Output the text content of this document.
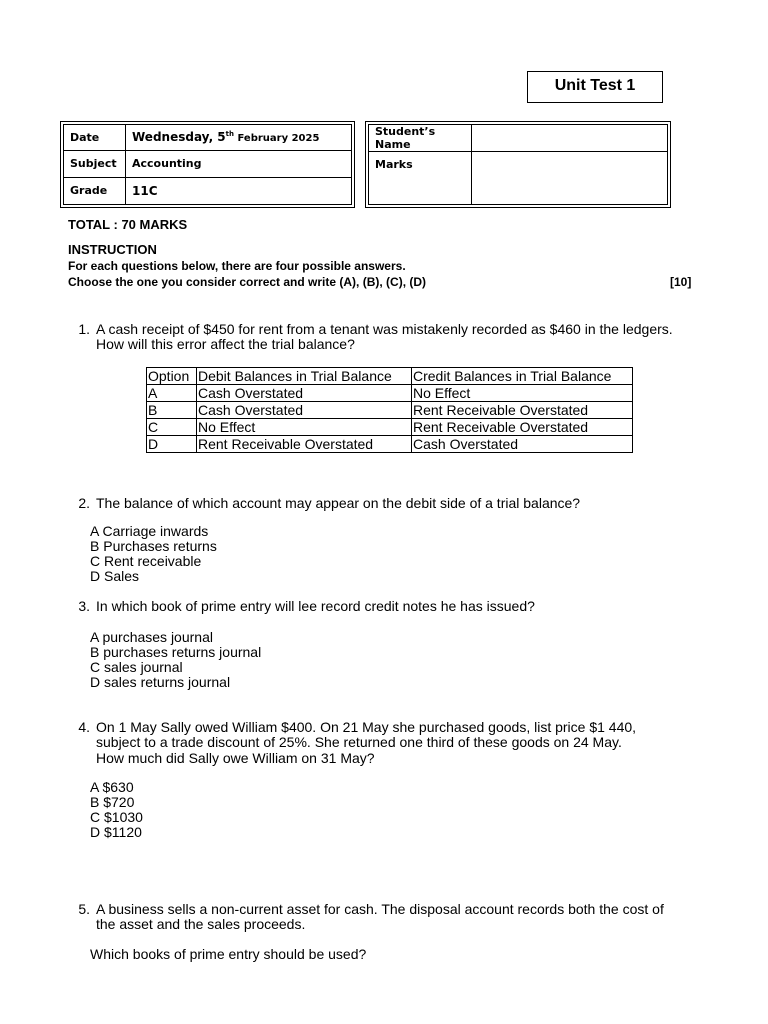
Unit Test 1
Date	Wednesday, 5th February 2025
Subject	Accounting
Grade	11C
Student’s Name	
Marks	
TOTAL : 70 MARKS
INSTRUCTION
For each questions below, there are four possible answers.
Choose the one you consider correct and write (A), (B), (C), (D)	[10]
1. A cash receipt of $450 for rent from a tenant was mistakenly recorded as $460 in the ledgers.
How will this error affect the trial balance?
Option	Debit Balances in Trial Balance	Credit Balances in Trial Balance
A	Cash Overstated	No Effect
B	Cash Overstated	Rent Receivable Overstated
C	No Effect	Rent Receivable Overstated
D	Rent Receivable Overstated	Cash Overstated
2. The balance of which account may appear on the debit side of a trial balance?
A Carriage inwards
B Purchases returns
C Rent receivable
D Sales
3. In which book of prime entry will lee record credit notes he has issued?
A purchases journal
B purchases returns journal
C sales journal
D sales returns journal
4. On 1 May Sally owed William $400. On 21 May she purchased goods, list price $1 440,
subject to a trade discount of 25%. She returned one third of these goods on 24 May.
How much did Sally owe William on 31 May?
A $630
B $720
C $1030
D $1120
5. A business sells a non-current asset for cash. The disposal account records both the cost of
the asset and the sales proceeds.
Which books of prime entry should be used?
